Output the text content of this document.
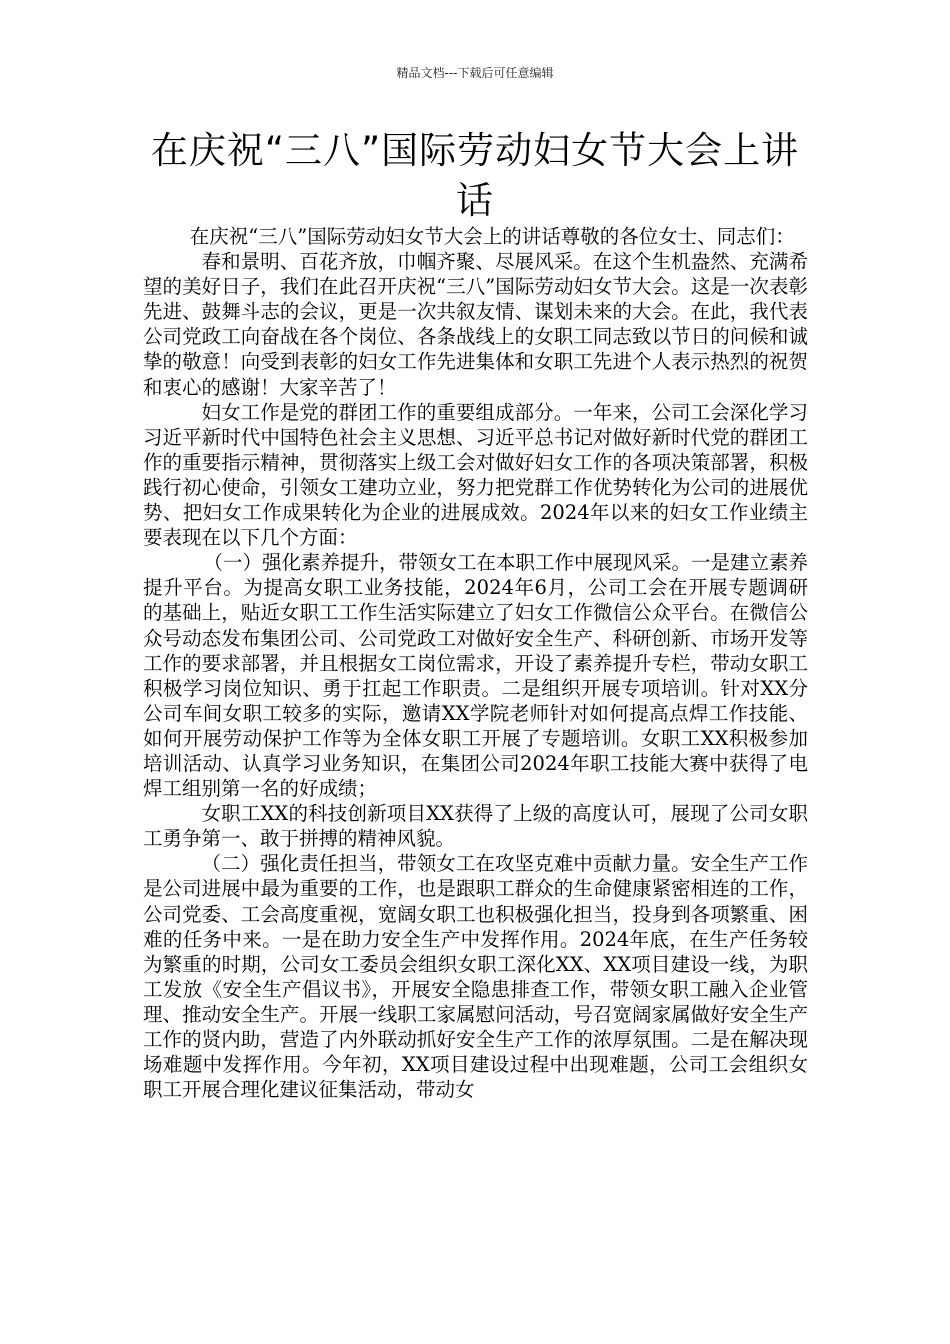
精品文档---下载后可任意编辑
在庆祝“三八”国际劳动妇女节大会上讲话

在庆祝“三八”国际劳动妇女节大会上的讲话尊敬的各位女士、同志们：

春和景明、百花齐放，巾帼齐聚、尽展风采。在这个生机盎然、充满希望的美好日子，我们在此召开庆祝“三八”国际劳动妇女节大会。这是一次表彰先进、鼓舞斗志的会议，更是一次共叙友情、谋划未来的大会。在此，我代表公司党政工向奋战在各个岗位、各条战线上的女职工同志致以节日的问候和诚挚的敬意！向受到表彰的妇女工作先进集体和女职工先进个人表示热烈的祝贺和衷心的感谢！大家辛苦了！

妇女工作是党的群团工作的重要组成部分。一年来，公司工会深化学习习近平新时代中国特色社会主义思想、习近平总书记对做好新时代党的群团工作的重要指示精神，贯彻落实上级工会对做好妇女工作的各项决策部署，积极践行初心使命，引领女工建功立业，努力把党群工作优势转化为公司的进展优势、把妇女工作成果转化为企业的进展成效。2024年以来的妇女工作业绩主要表现在以下几个方面：

（一）强化素养提升，带领女工在本职工作中展现风采。一是建立素养提升平台。为提高女职工业务技能，2024年6月，公司工会在开展专题调研的基础上，贴近女职工工作生活实际建立了妇女工作微信公众平台。在微信公众号动态发布集团公司、公司党政工对做好安全生产、科研创新、市场开发等工作的要求部署，并且根据女工岗位需求，开设了素养提升专栏，带动女职工积极学习岗位知识、勇于扛起工作职责。二是组织开展专项培训。针对XX分公司车间女职工较多的实际，邀请XX学院老师针对如何提高点焊工作技能、如何开展劳动保护工作等为全体女职工开展了专题培训。女职工XX积极参加培训活动、认真学习业务知识，在集团公司2024年职工技能大赛中获得了电焊工组别第一名的好成绩；

女职工XX的科技创新项目XX获得了上级的高度认可，展现了公司女职工勇争第一、敢于拼搏的精神风貌。

（二）强化责任担当，带领女工在攻坚克难中贡献力量。安全生产工作是公司进展中最为重要的工作，也是跟职工群众的生命健康紧密相连的工作，公司党委、工会高度重视，宽阔女职工也积极强化担当，投身到各项繁重、困难的任务中来。一是在助力安全生产中发挥作用。2024年底，在生产任务较为繁重的时期，公司女工委员会组织女职工深化XX、XX项目建设一线，为职工发放《安全生产倡议书》，开展安全隐患排查工作，带领女职工融入企业管理、推动安全生产。开展一线职工家属慰问活动，号召宽阔家属做好安全生产工作的贤内助，营造了内外联动抓好安全生产工作的浓厚氛围。二是在解决现场难题中发挥作用。今年初，XX项目建设过程中出现难题，公司工会组织女职工开展合理化建议征集活动，带动女
